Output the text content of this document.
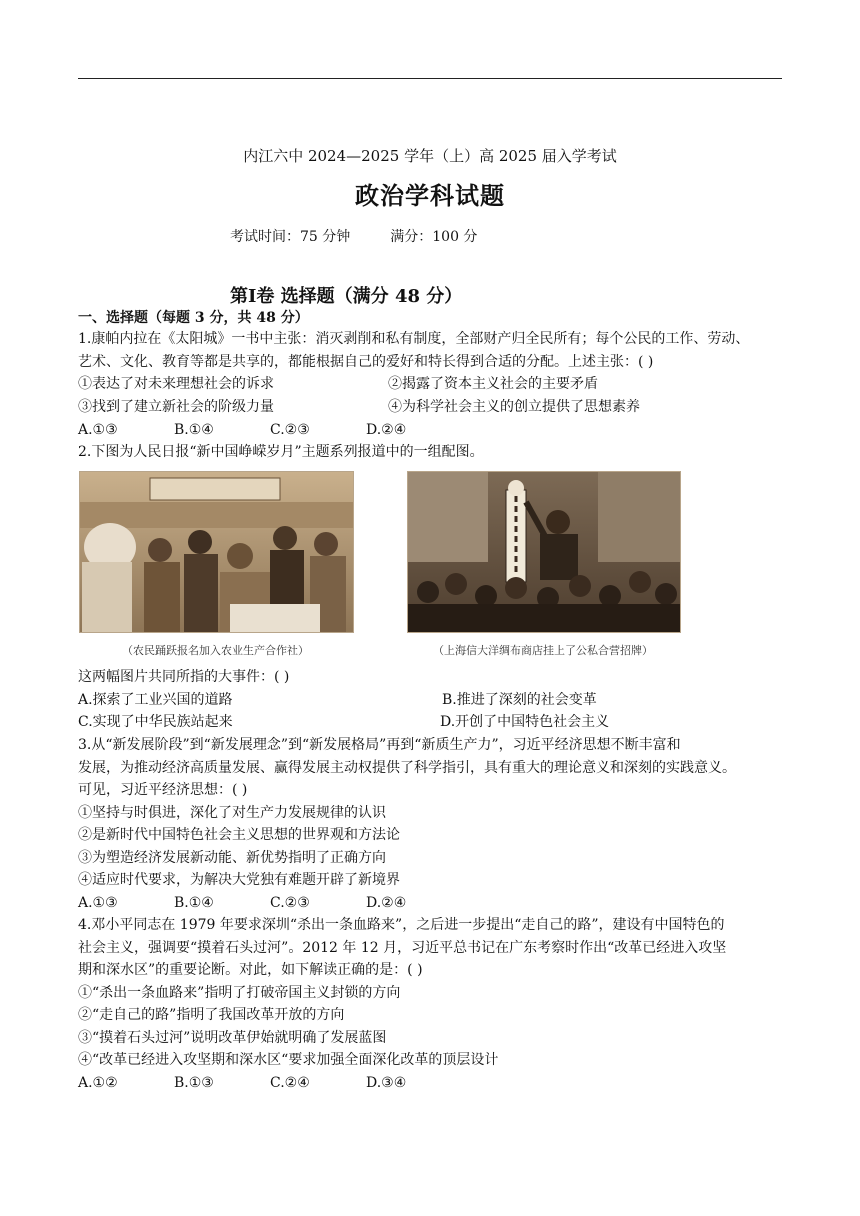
内江六中 2024—2025 学年（上）高 2025 届入学考试
政治学科试题
考试时间：75 分钟	满分：100 分
第Ⅰ卷 选择题（满分 48 分）
一、选择题（每题 3 分，共 48 分）
1.康帕内拉在《太阳城》一书中主张：消灭剥削和私有制度，全部财产归全民所有；每个公民的工作、劳动、
艺术、文化、教育等都是共享的，都能根据自己的爱好和特长得到合适的分配。上述主张：( )
①表达了对未来理想社会的诉求	②揭露了资本主义社会的主要矛盾
③找到了建立新社会的阶级力量	④为科学社会主义的创立提供了思想素养
A.①③	B.①④	C.②③	D.②④
2.下图为人民日报“新中国峥嵘岁月”主题系列报道中的一组配图。
（农民踊跃报名加入农业生产合作社）	（上海信大洋绸布商店挂上了公私合营招牌）
这两幅图片共同所指的大事件：( )
A.探索了工业兴国的道路	B.推进了深刻的社会变革
C.实现了中华民族站起来	D.开创了中国特色社会主义
3.从“新发展阶段”到“新发展理念”到“新发展格局”再到“新质生产力”，习近平经济思想不断丰富和
发展，为推动经济高质量发展、赢得发展主动权提供了科学指引，具有重大的理论意义和深刻的实践意义。
可见，习近平经济思想：( )
①坚持与时俱进，深化了对生产力发展规律的认识
②是新时代中国特色社会主义思想的世界观和方法论
③为塑造经济发展新动能、新优势指明了正确方向
④适应时代要求，为解决大党独有难题开辟了新境界
A.①③	B.①④	C.②③	D.②④
4.邓小平同志在 1979 年要求深圳“杀出一条血路来”，之后进一步提出“走自己的路”，建设有中国特色的
社会主义，强调要“摸着石头过河”。2012 年 12 月，习近平总书记在广东考察时作出“改革已经进入攻坚
期和深水区”的重要论断。对此，如下解读正确的是：( )
①“杀出一条血路来”指明了打破帝国主义封锁的方向
②“走自己的路”指明了我国改革开放的方向
③“摸着石头过河”说明改革伊始就明确了发展蓝图
④“改革已经进入攻坚期和深水区“要求加强全面深化改革的顶层设计
A.①②	B.①③	C.②④	D.③④
